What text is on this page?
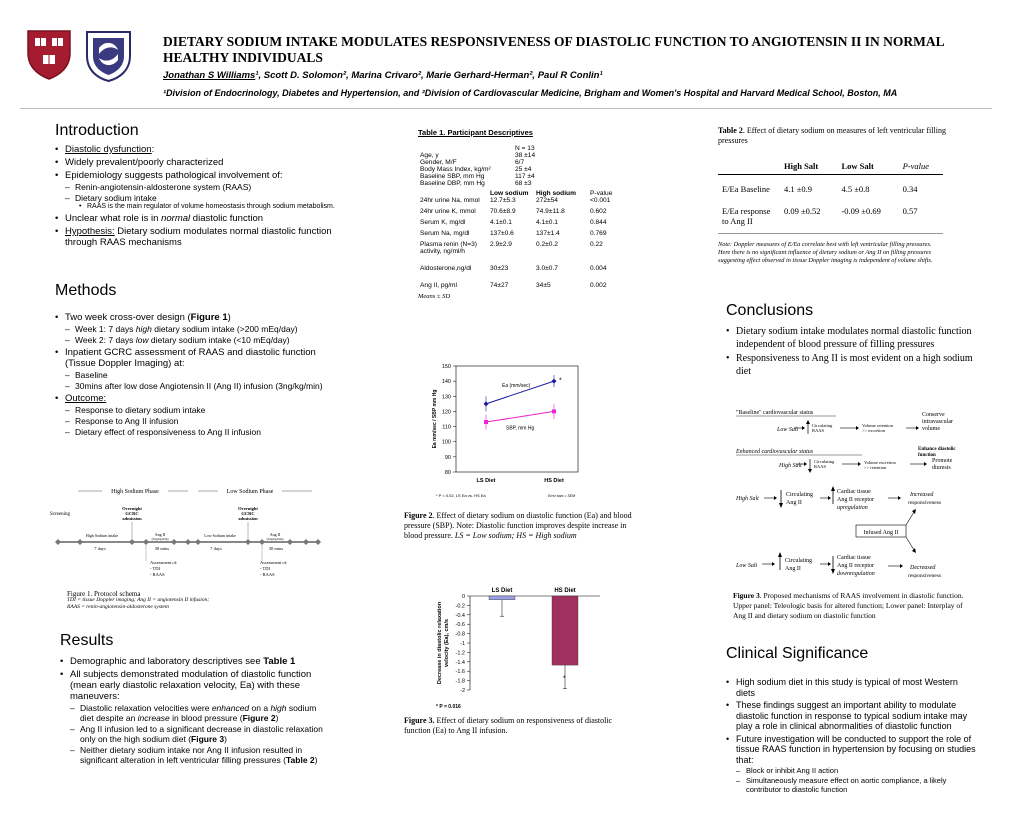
DIETARY SODIUM INTAKE MODULATES RESPONSIVENESS OF DIASTOLIC FUNCTION TO ANGIOTENSIN II IN NORMAL HEALTHY INDIVIDUALS
Jonathan S Williams¹, Scott D. Solomon², Marina Crivaro², Marie Gerhard-Herman², Paul R Conlin¹
¹Division of Endocrinology, Diabetes and Hypertension, and ²Division of Cardiovascular Medicine, Brigham and Women's Hospital and Harvard Medical School, Boston, MA
Introduction
• Diastolic dysfunction:
• Widely prevalent/poorly characterized
• Epidemiology suggests pathological involvement of:
– Renin-angiotensin-aldosterone system (RAAS)
– Dietary sodium intake
• RAAS is the main regulator of volume homeostasis through sodium metabolism.
• Unclear what role is in normal diastolic function
• Hypothesis: Dietary sodium modulates normal diastolic function through RAAS mechanisms
Methods
• Two week cross-over design (Figure 1)
– Week 1: 7 days high dietary sodium intake (>200 mEq/day)
– Week 2: 7 days low dietary sodium intake (<10 mEq/day)
• Inpatient GCRC assessment of RAAS and diastolic function (Tissue Doppler Imaging) at:
– Baseline
– 30mins after low dose Angiotensin II (Ang II) infusion (3ng/kg/min)
• Outcome:
– Response to dietary sodium intake
– Response to Ang II infusion
– Dietary effect of responsiveness to Ang II infusion
High Sodium Phase	Low Sodium Phase
Screening
Overnight
GCRC
admission
Overnight
GCRC
admission
High Sodium intake	Ang II
(3ng/kg/min)
Low Sodium intake	Ang II
(3ng/kg/min)
7 days	30 mins	7 days	30 mins
Assessment of:
- TDI
- RAAS
Assessment of:
- TDI
- RAAS
Figure 1. Protocol schema
TDI = tissue Doppler imaging; Ang II = angiotensin II infusion;
RAAS = renin-angiotensin-aldosterone system
Results
• Demographic and laboratory descriptives see Table 1
• All subjects demonstrated modulation of diastolic function (mean early diastolic relaxation velocity, Ea) with these maneuvers:
– Diastolic relaxation velocities were enhanced on a high sodium diet despite an increase in blood pressure (Figure 2)
– Ang II infusion led to a significant decrease in diastolic relaxation only on the high sodium diet (Figure 3)
– Neither dietary sodium intake nor Ang II infusion resulted in significant alteration in left ventricular filling pressures (Table 2)
Table 1. Participant Descriptives
	N = 13
Age, y	38 ±14
Gender, M/F	6/7
Body Mass Index, kg/m²	25 ±4
Baseline SBP, mm Hg	117 ±4
Baseline DBP, mm Hg	68 ±3
	Low sodium	High sodium	P-value
24hr urine Na, mmol	12.7±5.3	272±54	<0.001
24hr urine K, mmol	70.6±8.9	74.9±11.8	0.602
Serum K, mg/dl	4.1±0.1	4.1±0.1	0.844
Serum Na, mg/dl	137±0.6	137±1.4	0.769
Plasma renin (N=3) activity, ng/ml/h	2.9±2.9	0.2±0.2	0.22
Aldosterone,ng/dl	30±23	3.0±0.7	0.004
Ang II, pg/ml	74±27	34±5	0.002
Means ± SD
80
90
100
110
120
130
140
150
LS Diet	HS Diet
Ea mm/sec / SBP mm Hg
Ea (mm/sec)
SBP, mm Hg
*
* P < 0.02, LS Ea vs. HS Ea	Error bars = SEM
Figure 2. Effect of dietary sodium on diastolic function (Ea) and blood pressure (SBP). Note: Diastolic function improves despite increase in blood pressure. LS = Low sodium; HS = High sodium
0
-0.2
-0.4
-0.6
-0.8
-1
-1.2
-1.4
-1.6
-1.8
-2
LS Diet	HS Diet
*
Decrease in diastolic relaxationvelocity (Ea), cm/s
* P = 0.016
Figure 3. Effect of dietary sodium on responsiveness of diastolic function (Ea) to Ang II infusion.
Table 2. Effect of dietary sodium on measures of left ventricular filling pressures
	High Salt	Low Salt	P-value
E/Ea Baseline	4.1 ±0.9	4.5 ±0.8	0.34
E/Ea response to Ang II	0.09 ±0.52	-0.09 ±0.69	0.57
Note: Doppler measures of E/Ea correlate best with left ventricular filling pressures. Here there is no significant influence of dietary sodium or Ang II on filling pressures suggesting effect observed in tissue Doppler imaging is independent of volume shifts.
Conclusions
• Dietary sodium intake modulates normal diastolic function independent of blood pressure of filling pressures
• Responsiveness to Ang II is most evident on a high sodium diet
"Baseline" cardiovascular status
Low Salt
Circulating
RAAS
Volume retention
>> excretion
Conserve intravascular volume
Enhanced cardiovascular status	Enhance diastolic function
High Salt
Circulating
RAAS
Volume excretion
>> retention
Promote diuresis
High Salt
Circulating
Ang II
Cardiac tissue
Ang II receptor
upregulation
Increased
responsiveness
Infused Ang II
Low Salt
Circulating
Ang II
Cardiac tissue
Ang II receptor
downregulation
Decreased
responsiveness
Figure 3. Proposed mechanisms of RAAS involvement in diastolic function. Upper panel: Teleologic basis for altered function; Lower panel: Interplay of Ang II and dietary sodium on diastolic function
Clinical Significance
• High sodium diet in this study is typical of most Western diets
• These findings suggest an important ability to modulate diastolic function in response to typical sodium intake may play a role in clinical abnormalities of diastolic function
• Future investigation will be conducted to support the role of tissue RAAS function in hypertension by focusing on studies that:
– Block or inhibit Ang II action
– Simultaneously measure effect on aortic compliance, a likely contributor to diastolic function
